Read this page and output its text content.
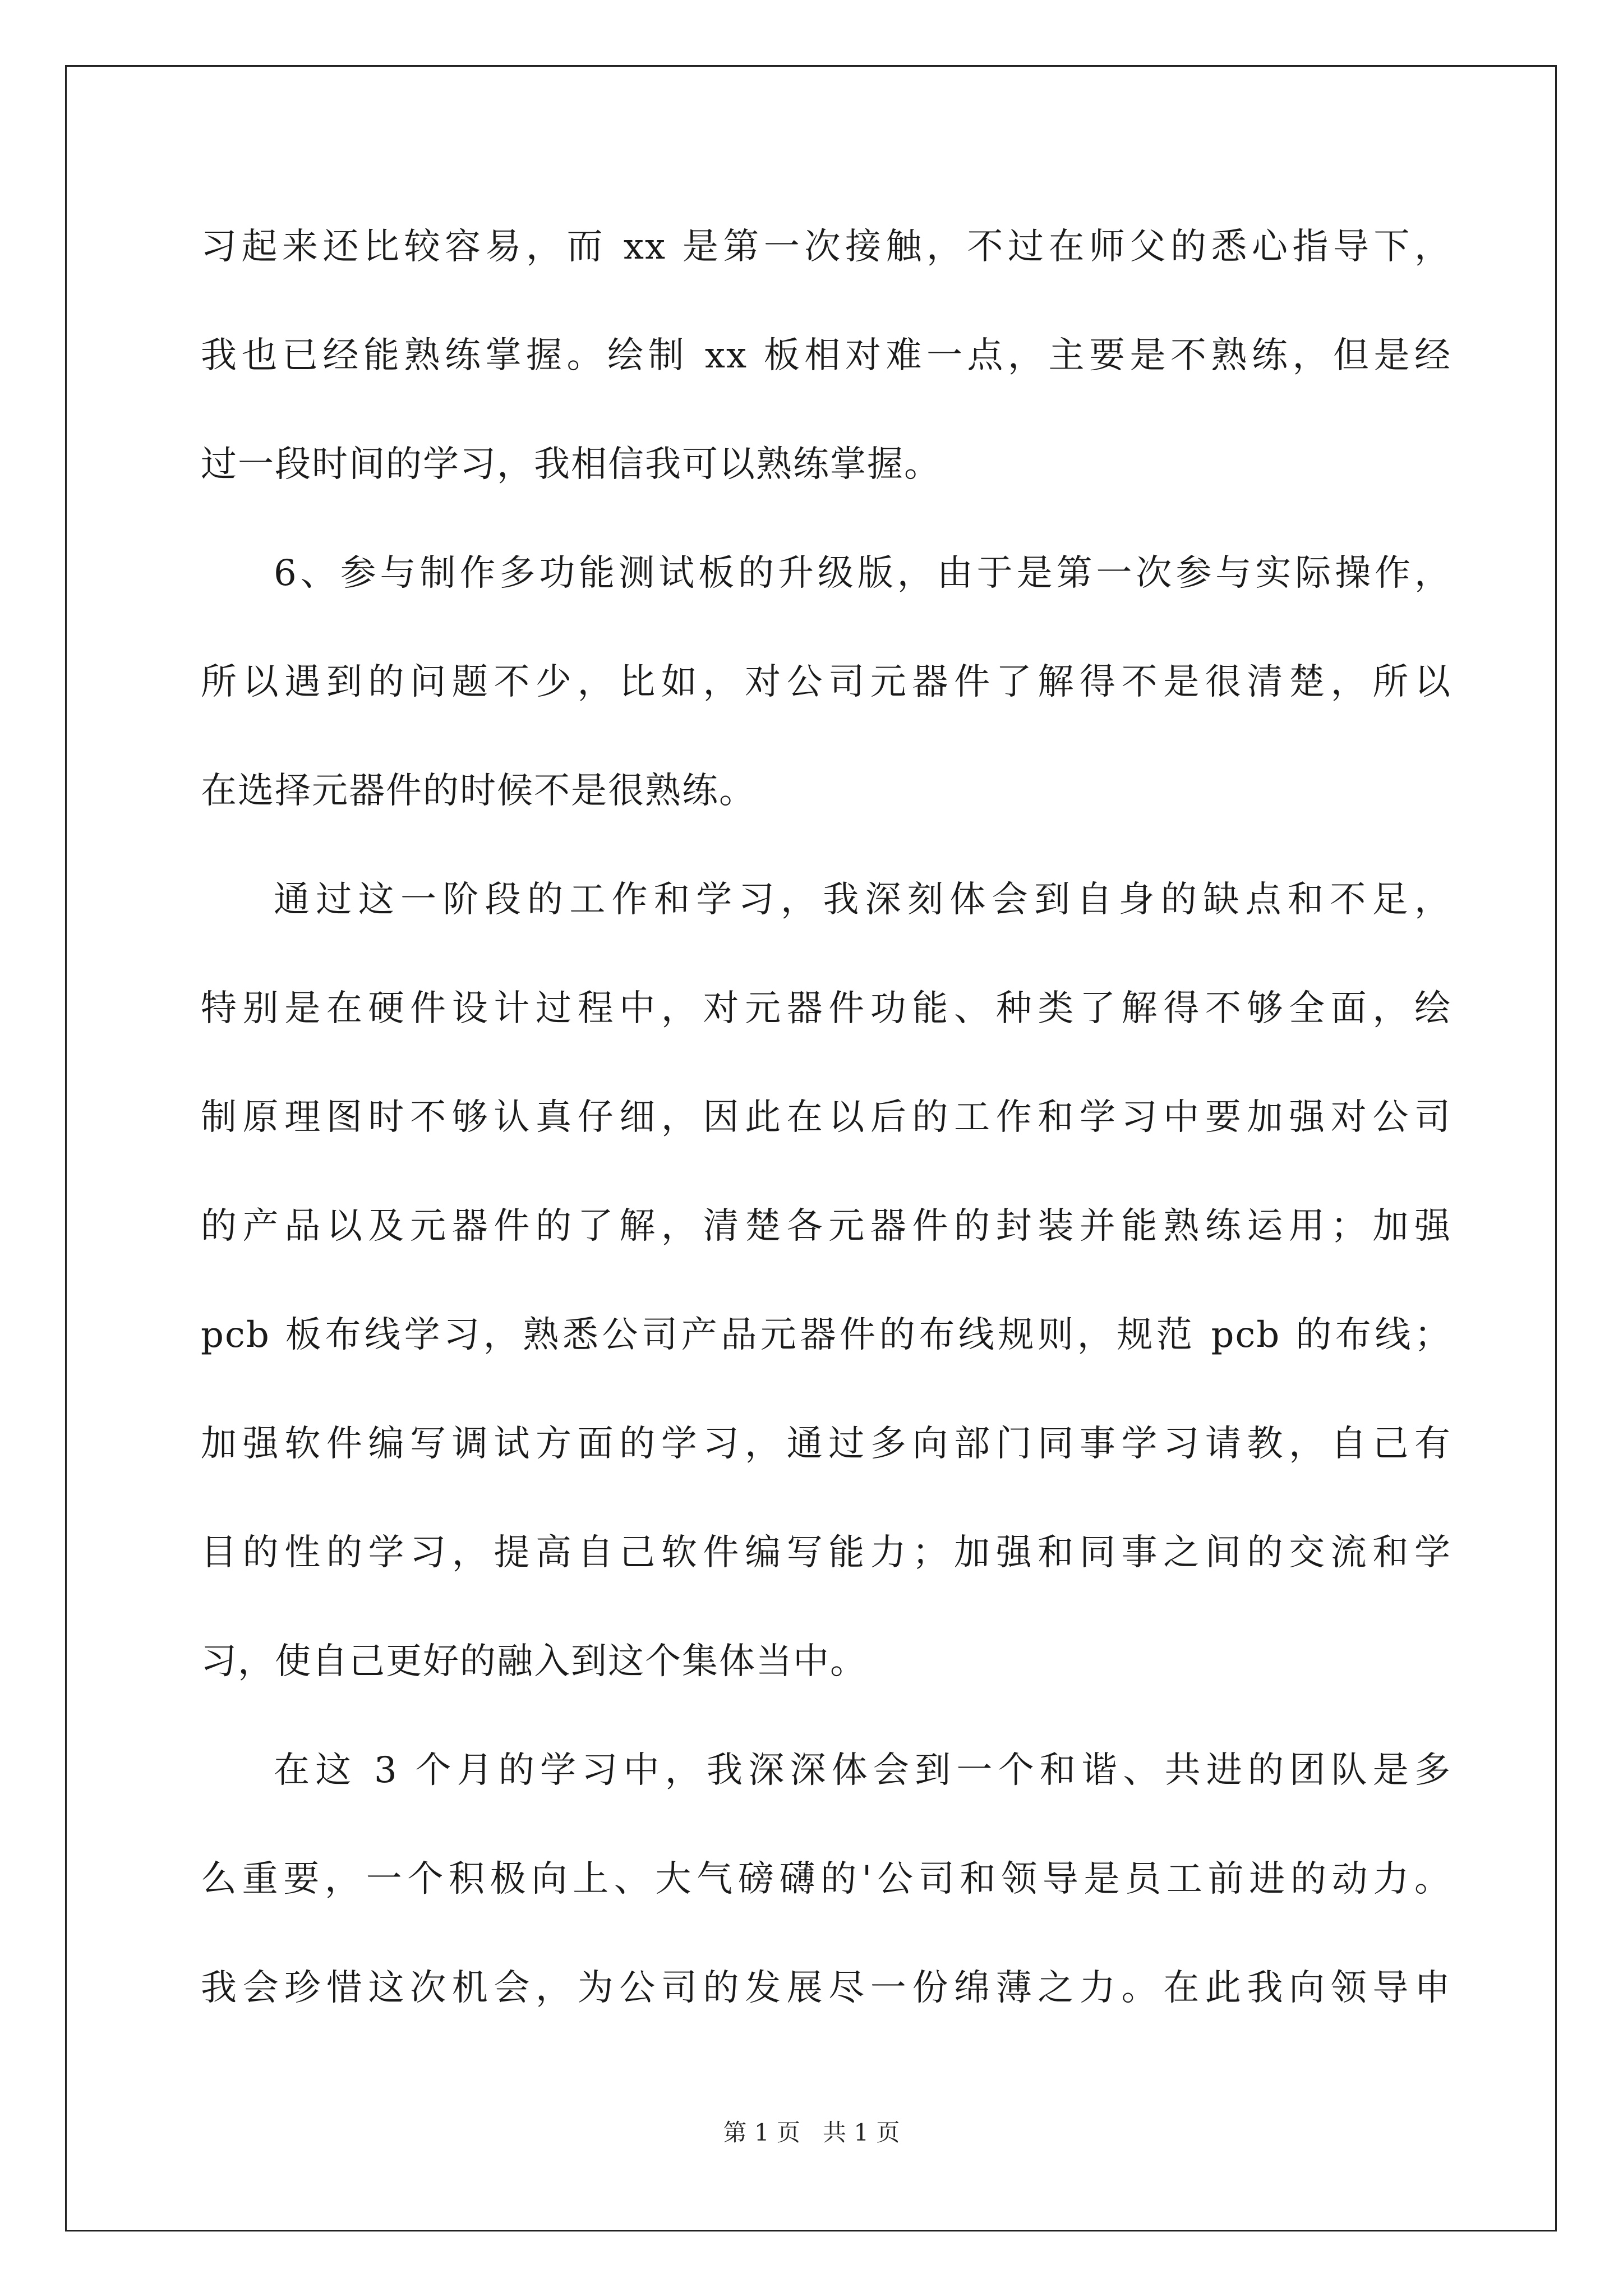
习起来还比较容易，而 xx 是第一次接触，不过在师父的悉心指导下，

我也已经能熟练掌握。绘制 xx 板相对难一点，主要是不熟练，但是经

过一段时间的学习，我相信我可以熟练掌握。

6、参与制作多功能测试板的升级版，由于是第一次参与实际操作，

所以遇到的问题不少，比如，对公司元器件了解得不是很清楚，所以

在选择元器件的时候不是很熟练。

通过这一阶段的工作和学习，我深刻体会到自身的缺点和不足，

特别是在硬件设计过程中，对元器件功能、种类了解得不够全面，绘

制原理图时不够认真仔细，因此在以后的工作和学习中要加强对公司

的产品以及元器件的了解，清楚各元器件的封装并能熟练运用；加强

pcb 板布线学习，熟悉公司产品元器件的布线规则，规范 pcb 的布线；

加强软件编写调试方面的学习，通过多向部门同事学习请教，自己有

目的性的学习，提高自己软件编写能力；加强和同事之间的交流和学

习，使自己更好的融入到这个集体当中。

在这 3 个月的学习中，我深深体会到一个和谐、共进的团队是多

么重要，一个积极向上、大气磅礴的'公司和领导是员工前进的动力。

我会珍惜这次机会，为公司的发展尽一份绵薄之力。在此我向领导申

第 1 页   共 1 页
